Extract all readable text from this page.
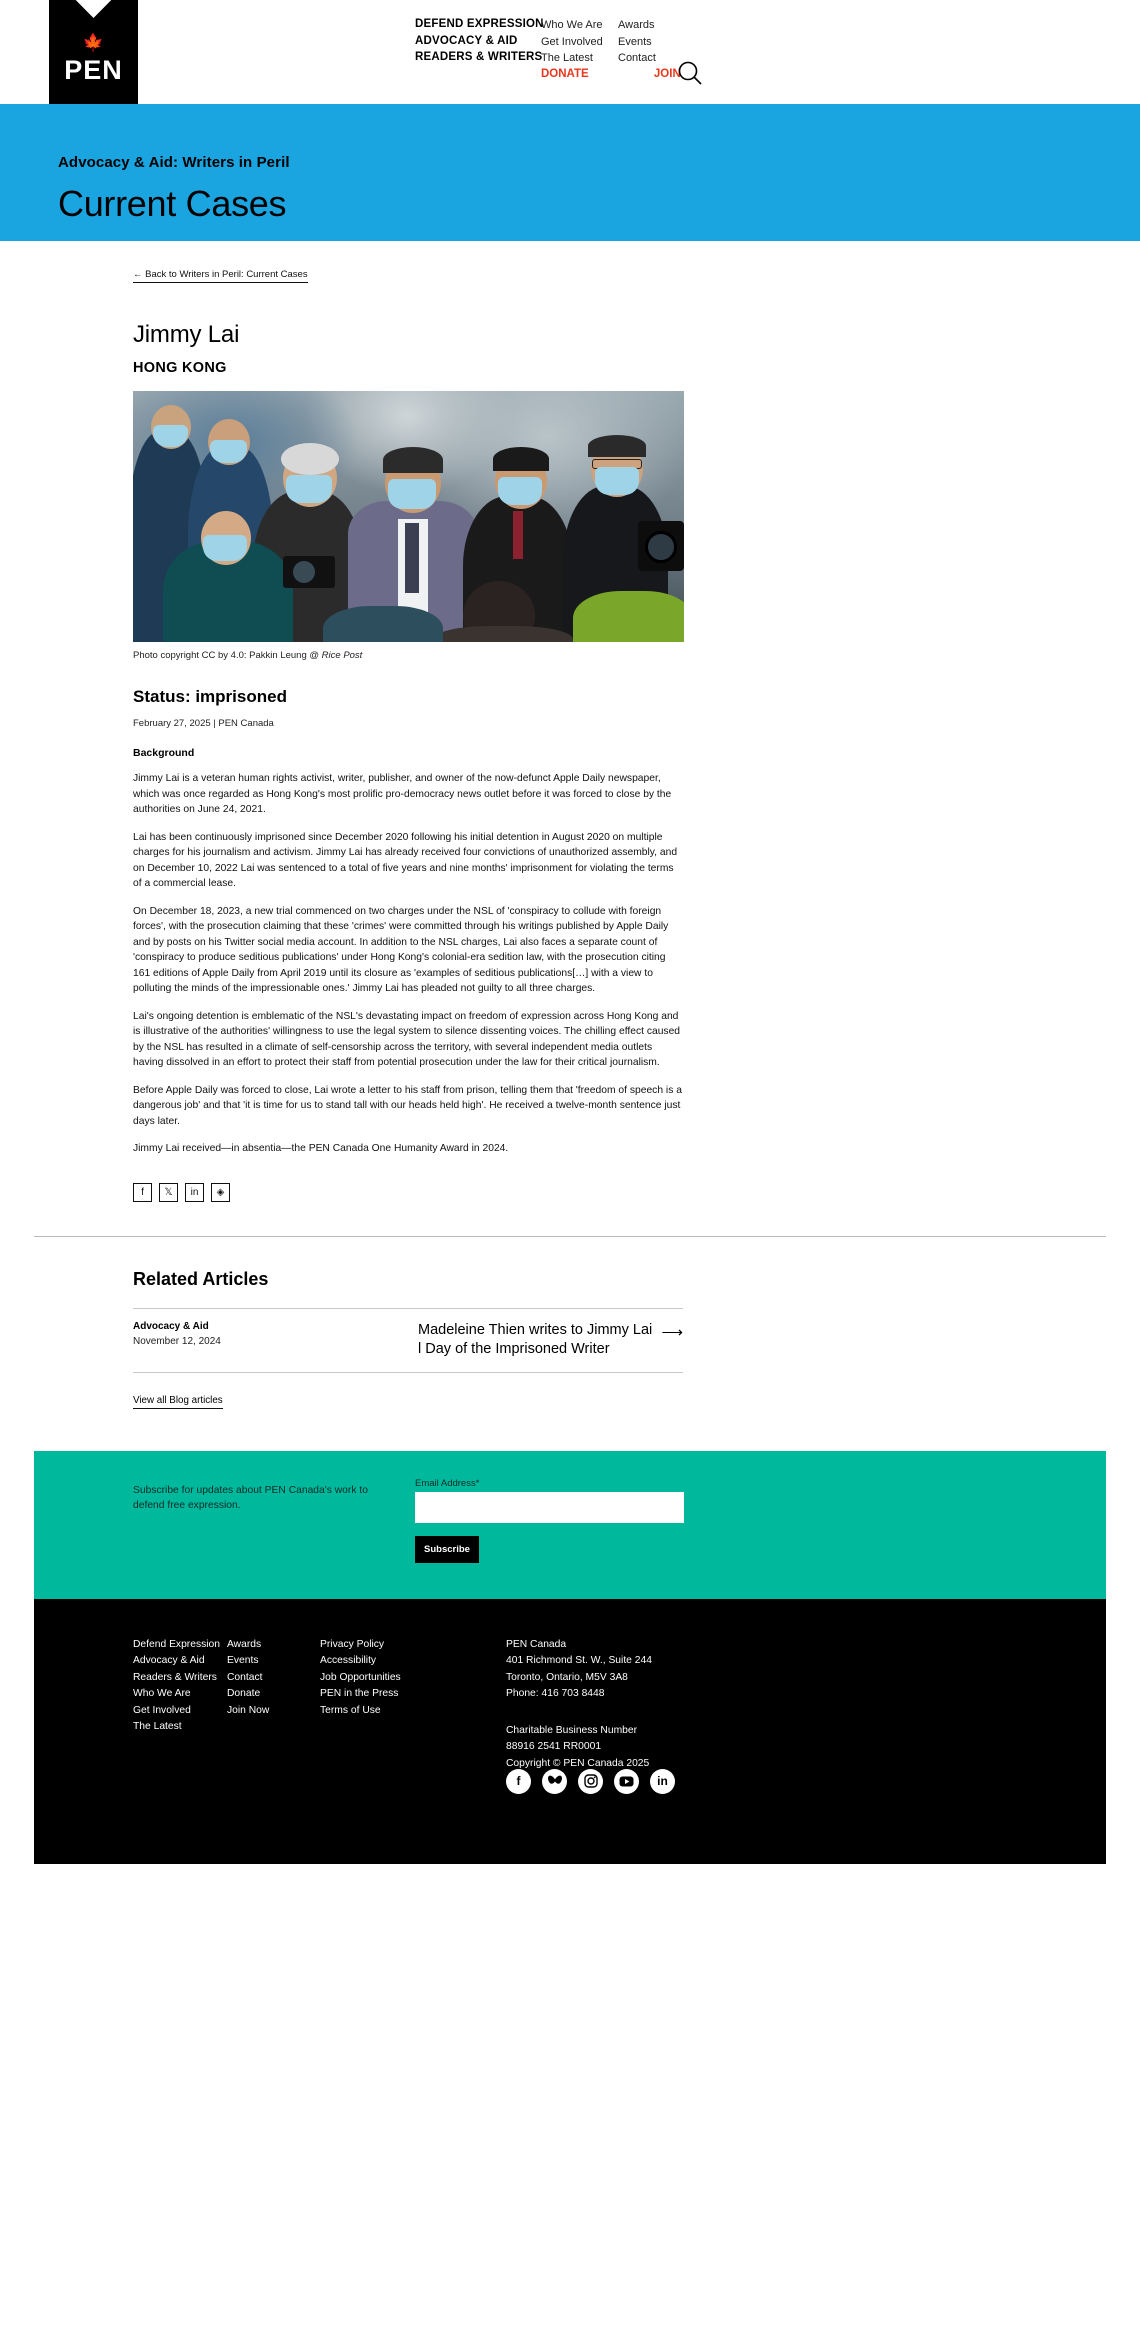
🍁
PEN
DEFEND EXPRESSION
ADVOCACY & AID
READERS & WRITERS
Who We Are
Get Involved
The Latest
Awards
Events
Contact
DONATE	JOIN
Advocacy & Aid: Writers in Peril
Current Cases
← Back to Writers in Peril: Current Cases
Jimmy Lai
HONG KONG
Photo copyright CC by 4.0: Pakkin Leung @ Rice Post
Status: imprisoned
February 27, 2025 | PEN Canada
Background

Jimmy Lai is a veteran human rights activist, writer, publisher, and owner of the now-defunct Apple Daily newspaper, which was once regarded as Hong Kong's most prolific pro-democracy news outlet before it was forced to close by the authorities on June 24, 2021.

Lai has been continuously imprisoned since December 2020 following his initial detention in August 2020 on multiple charges for his journalism and activism. Jimmy Lai has already received four convictions of unauthorized assembly, and on December 10, 2022 Lai was sentenced to a total of five years and nine months' imprisonment for violating the terms of a commercial lease.

On December 18, 2023, a new trial commenced on two charges under the NSL of 'conspiracy to collude with foreign forces', with the prosecution claiming that these 'crimes' were committed through his writings published by Apple Daily and by posts on his Twitter social media account. In addition to the NSL charges, Lai also faces a separate count of 'conspiracy to produce seditious publications' under Hong Kong's colonial-era sedition law, with the prosecution citing 161 editions of Apple Daily from April 2019 until its closure as 'examples of seditious publications[…] with a view to polluting the minds of the impressionable ones.' Jimmy Lai has pleaded not guilty to all three charges.

Lai's ongoing detention is emblematic of the NSL's devastating impact on freedom of expression across Hong Kong and is illustrative of the authorities' willingness to use the legal system to silence dissenting voices. The chilling effect caused by the NSL has resulted in a climate of self-censorship across the territory, with several independent media outlets having dissolved in an effort to protect their staff from potential prosecution under the law for their critical journalism.

Before Apple Daily was forced to close, Lai wrote a letter to his staff from prison, telling them that 'freedom of speech is a dangerous job' and that 'it is time for us to stand tall with our heads held high'. He received a twelve-month sentence just days later.

Jimmy Lai received—in absentia—the PEN Canada One Humanity Award in 2024.

f	𝕏	in	◈
Related Articles
Advocacy & Aid
November 12, 2024
Madeleine Thien writes to Jimmy Lai l Day of the Imprisoned Writer
⟶
View all Blog articles
Subscribe for updates about PEN Canada's work to defend free expression.
Email Address*
Subscribe
Defend Expression
Advocacy & Aid
Readers & Writers
Who We Are
Get Involved
The Latest
Awards
Events
Contact
Donate
Join Now
Privacy Policy
Accessibility
Job Opportunities
PEN in the Press
Terms of Use
PEN Canada
401 Richmond St. W., Suite 244
Toronto, Ontario, M5V 3A8
Phone: 416 703 8448
Charitable Business Number
88916 2541 RR0001
Copyright © PEN Canada 2025
f	in
